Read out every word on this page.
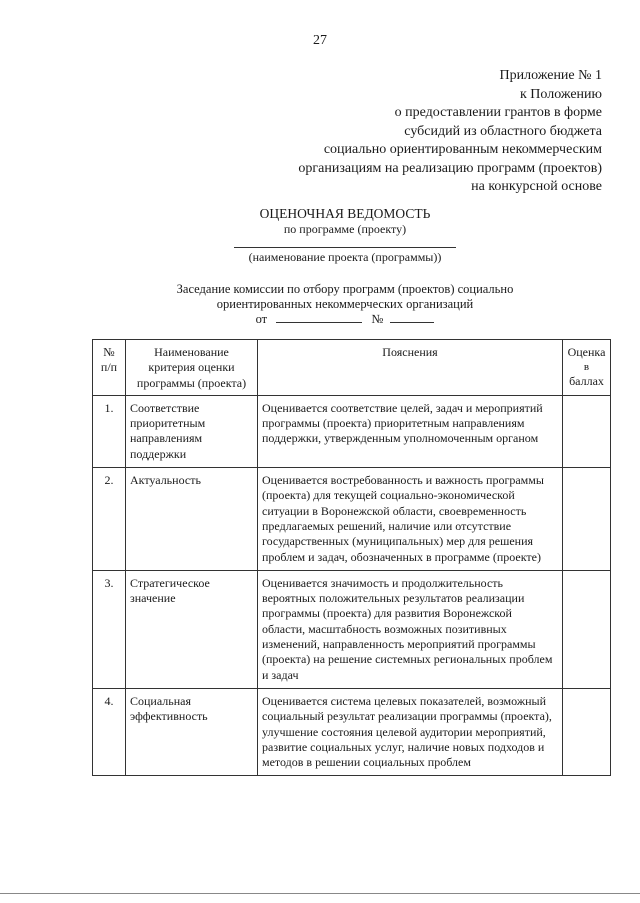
27
Приложение № 1
к Положению
о предоставлении грантов в форме
субсидий из областного бюджета
социально ориентированным некоммерческим
организациям на реализацию программ (проектов)
на конкурсной основе
ОЦЕНОЧНАЯ ВЕДОМОСТЬ
по программе (проекту)
(наименование проекта (программы))
Заседание комиссии по отбору программ (проектов) социально
ориентированных некоммерческих организаций
от	№
№ п/п	Наименование критерия оценки программы (проекта)	Пояснения	Оценка
в
баллах

1.	Соответствие приоритетным направлениям поддержки	Оценивается соответствие целей, задач и мероприятий программы (проекта) приоритетным направлениям поддержки, утвержденным уполномоченным органом	
2.	Актуальность	Оценивается востребованность и важность программы (проекта) для текущей социально-экономической ситуации в Воронежской области, своевременность предлагаемых решений, наличие или отсутствие государственных (муниципальных) мер для решения проблем и задач, обозначенных в программе (проекте)	
3.	Стратегическое значение	Оценивается значимость и продолжительность вероятных положительных результатов реализации программы (проекта) для развития Воронежской области, масштабность возможных позитивных изменений, направленность мероприятий программы (проекта) на решение системных региональных проблем и задач	
4.	Социальная эффективность	Оценивается система целевых показателей, возможный социальный результат реализации программы (проекта), улучшение состояния целевой аудитории мероприятий, развитие социальных услуг, наличие новых подходов и методов в решении социальных проблем	
